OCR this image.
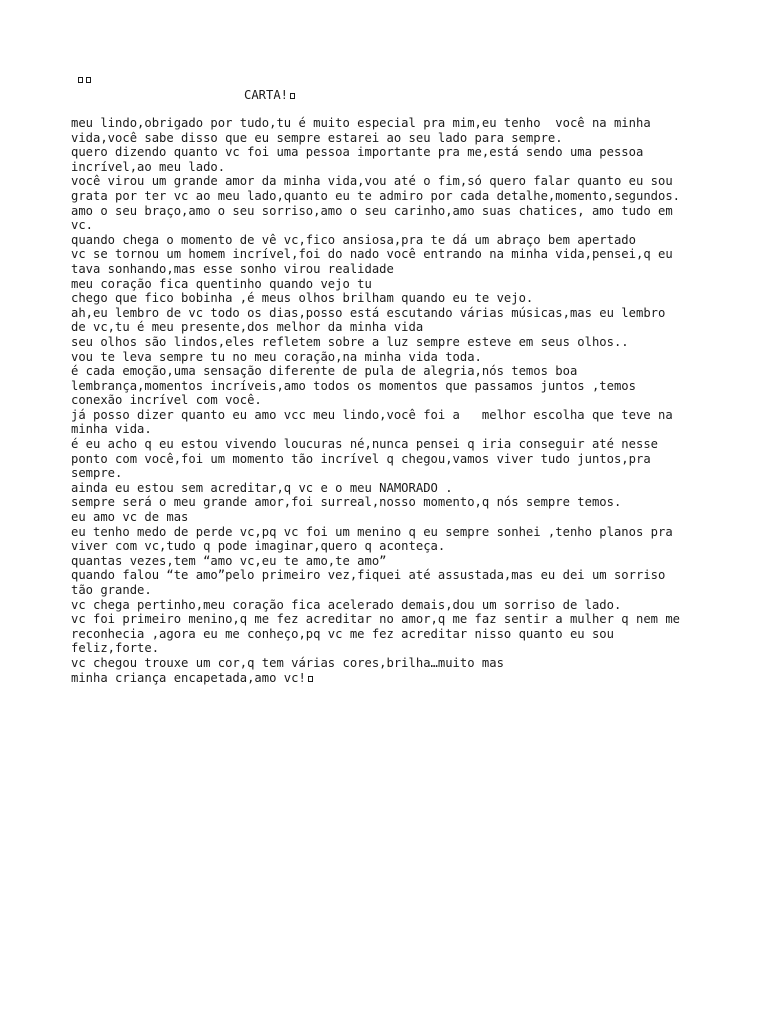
CARTA!
meu lindo,obrigado por tudo,tu é muito especial pra mim,eu tenho  você na minha
vida,você sabe disso que eu sempre estarei ao seu lado para sempre.
quero dizendo quanto vc foi uma pessoa importante pra me,está sendo uma pessoa
incrível,ao meu lado.
você virou um grande amor da minha vida,vou até o fim,só quero falar quanto eu sou
grata por ter vc ao meu lado,quanto eu te admiro por cada detalhe,momento,segundos.
amo o seu braço,amo o seu sorriso,amo o seu carinho,amo suas chatices, amo tudo em
vc.
quando chega o momento de vê vc,fico ansiosa,pra te dá um abraço bem apertado
vc se tornou um homem incrível,foi do nado você entrando na minha vida,pensei,q eu
tava sonhando,mas esse sonho virou realidade
meu coração fica quentinho quando vejo tu
chego que fico bobinha ,é meus olhos brilham quando eu te vejo.
ah,eu lembro de vc todo os dias,posso está escutando várias músicas,mas eu lembro
de vc,tu é meu presente,dos melhor da minha vida
seu olhos são lindos,eles refletem sobre a luz sempre esteve em seus olhos..
vou te leva sempre tu no meu coração,na minha vida toda.
é cada emoção,uma sensação diferente de pula de alegria,nós temos boa
lembrança,momentos incríveis,amo todos os momentos que passamos juntos ,temos
conexão incrível com você.
já posso dizer quanto eu amo vcc meu lindo,você foi a   melhor escolha que teve na
minha vida.
é eu acho q eu estou vivendo loucuras né,nunca pensei q iria conseguir até nesse
ponto com você,foi um momento tão incrível q chegou,vamos viver tudo juntos,pra
sempre.
ainda eu estou sem acreditar,q vc e o meu NAMORADO .
sempre será o meu grande amor,foi surreal,nosso momento,q nós sempre temos.
eu amo vc de mas
eu tenho medo de perde vc,pq vc foi um menino q eu sempre sonhei ,tenho planos pra
viver com vc,tudo q pode imaginar,quero q aconteça.
quantas vezes,tem “amo vc,eu te amo,te amo”
quando falou “te amo”pelo primeiro vez,fiquei até assustada,mas eu dei um sorriso
tão grande.
vc chega pertinho,meu coração fica acelerado demais,dou um sorriso de lado.
vc foi primeiro menino,q me fez acreditar no amor,q me faz sentir a mulher q nem me
reconhecia ,agora eu me conheço,pq vc me fez acreditar nisso quanto eu sou
feliz,forte.
vc chegou trouxe um cor,q tem várias cores,brilha…muito mas
minha criança encapetada,amo vc!
